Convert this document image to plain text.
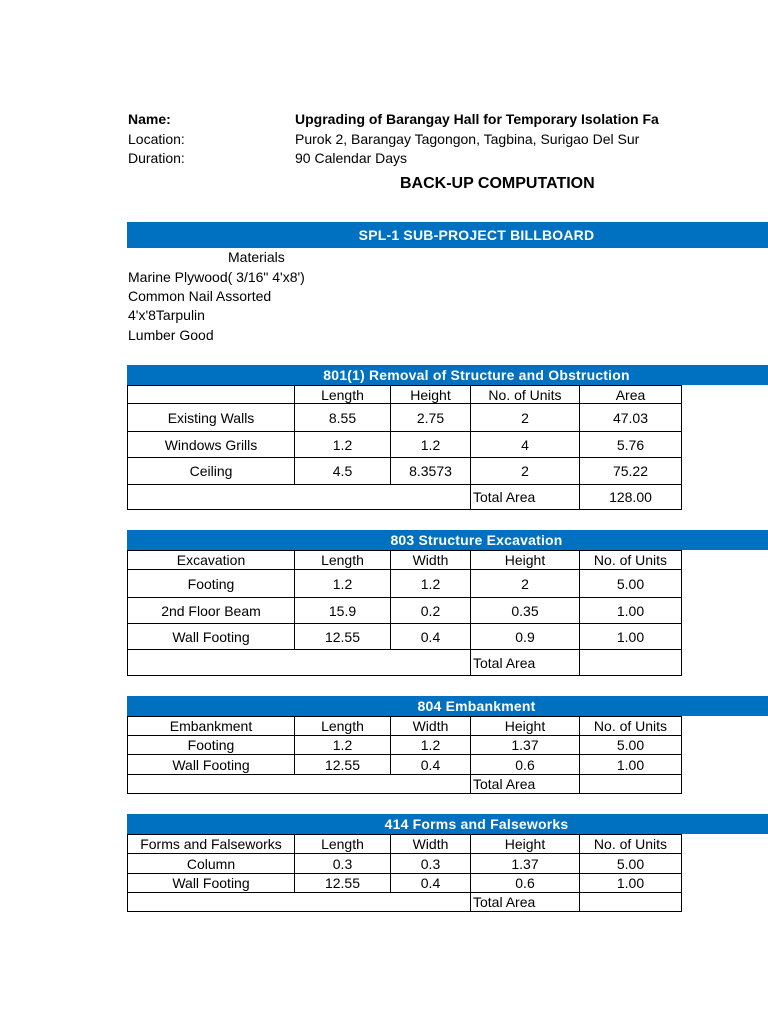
Name:	Upgrading of Barangay Hall for Temporary Isolation Fa
Location:	Purok 2, Barangay Tagongon, Tagbina, Surigao Del Sur
Duration:	90 Calendar Days
BACK-UP COMPUTATION
SPL-1 SUB-PROJECT BILLBOARD
Materials
Marine Plywood( 3/16" 4'x8')
Common Nail Assorted
4'x'8Tarpulin
Lumber Good
801(1) Removal of Structure and Obstruction
	Length	Height	No. of Units	Area
Existing Walls	8.55	2.75	2	47.03
Windows Grills	1.2	1.2	4	5.76
Ceiling	4.5	8.3573	2	75.22
			Total Area	128.00
803 Structure Excavation
Excavation	Length	Width	Height	No. of Units
Footing	1.2	1.2	2	5.00
2nd Floor Beam	15.9	0.2	0.35	1.00
Wall Footing	12.55	0.4	0.9	1.00
			Total Area	
804 Embankment
Embankment	Length	Width	Height	No. of Units
Footing	1.2	1.2	1.37	5.00
Wall Footing	12.55	0.4	0.6	1.00
			Total Area	
414 Forms and Falseworks
Forms and Falseworks	Length	Width	Height	No. of Units
Column	0.3	0.3	1.37	5.00
Wall Footing	12.55	0.4	0.6	1.00
			Total Area	
